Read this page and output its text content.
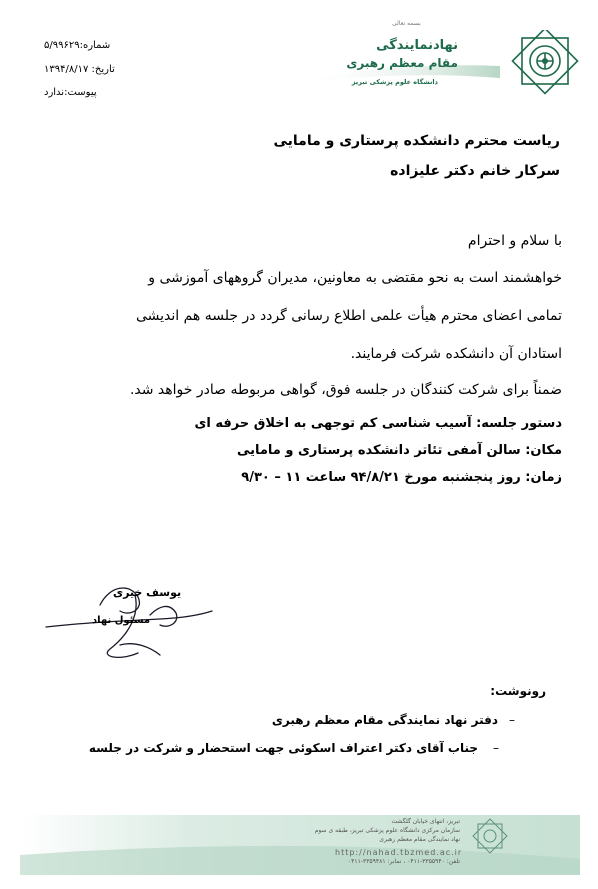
بسمه تعالی
نهادنمایندگی
مقام معظم رهبری
دانشگاه علوم پزشکی تبریز
شماره:۵/۹۹۶۲۹
تاریخ: ۱۳۹۴/۸/۱۷
پیوست:ندارد
ریاست محترم دانشکده پرستاری و مامایی
سرکار خانم دکتر علیزاده
با سلام و احترام
خواهشمند است به نحو مقتضی به معاونین، مدیران گروههای آموزشی و
تمامی اعضای محترم هیأت علمی اطلاع رسانی گردد در جلسه هم اندیشی
استادان آن دانشکده شرکت فرمایند.
ضمناً برای شرکت کنندگان در جلسه فوق، گواهی مربوطه صادر خواهد شد.
دستور جلسه: آسیب شناسی کم توجهی به اخلاق حرفه ای
مکان: سالن آمفی تئاتر دانشکده پرستاری و مامایی
زمان: روز پنجشنبه مورخ ۹۴/۸/۲۱ ساعت ۱۱ – ۹/۳۰
یوسف خیری
مسئول نهاد
رونوشت:
دفتر نهاد نمایندگی مقام معظم رهبری –
جناب آقای دکتر اعتراف اسکوئی جهت استحضار و شرکت در جلسه –
تبریز، انتهای خیابان گلگشت
سازمان مرکزی دانشگاه علوم پزشکی تبریز، طبقه ی سوم
نهاد نمایندگی مقام معظم رهبری
تلفن: ۳۳۵۵۹۴۰-۰۴۱۱ ، نمابر: ۳۳۵۹۴۸۱-۰۴۱۱
http://nahad.tbzmed.ac.ir
